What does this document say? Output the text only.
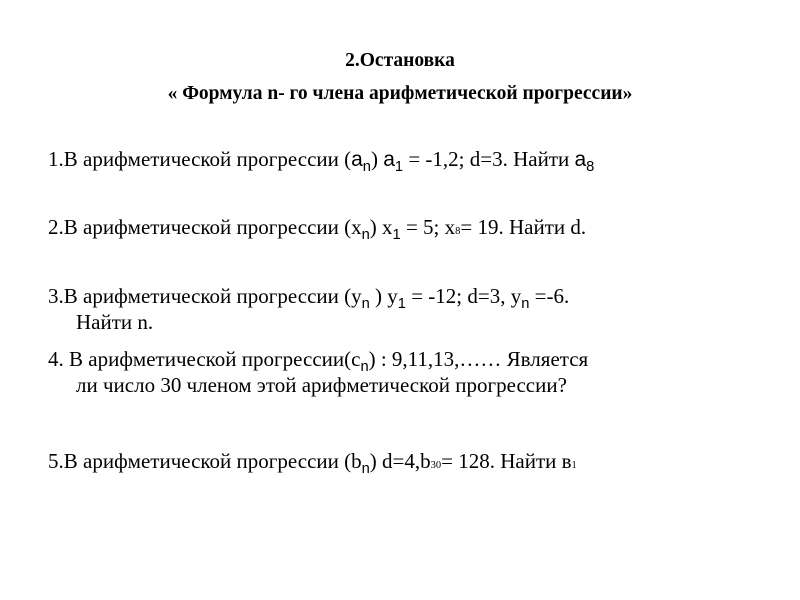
2.Остановка
« Формула n- го члена арифметической прогрессии»
1.В арифметической прогрессии $(a_n) a_1 = -1,2$; d=3. Найти $a_8$
2.В арифметической прогрессии $(x_n) x_1 = 5$; x8= 19. Найти d.
3.В арифметической прогрессии ($y_n$ ) $y_1 = -12$; d=3, $y_n =-6$.
Найти n.
4. В арифметической $прогрессии(c_n)$ : 9,11,13,…… Является
ли число 30 членом этой арифметической прогрессии?
5.В арифметической прогрессии $(b_n)$ d=4,b30= 128. Найти в1
